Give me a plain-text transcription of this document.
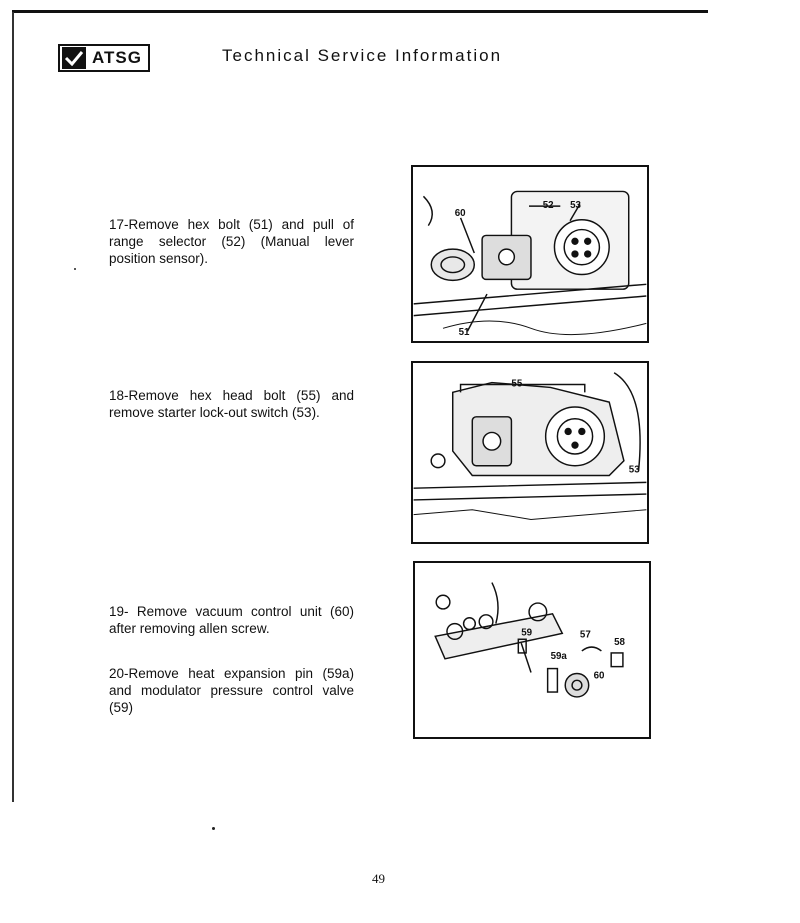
ATSG	Technical Service Information
17-Remove hex bolt (51) and pull of range selector (52) (Manual lever position sensor).
18-Remove hex head bolt (55) and remove starter lock-out switch (53).
19- Remove vacuum control unit (60) after removing allen screw.
20-Remove heat expansion pin (59a) and modulator pressure control valve (59)
60
52 53
51
55
53
59	57
58
59a
60
49
